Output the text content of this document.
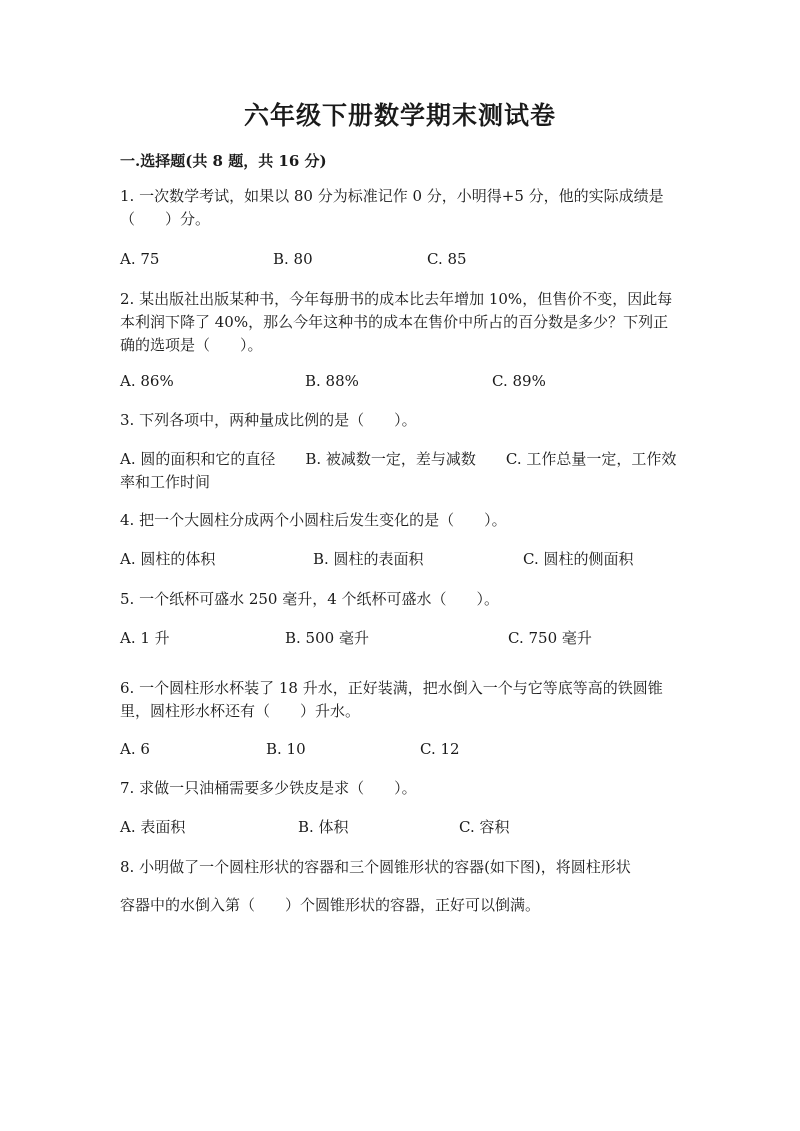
六年级下册数学期末测试卷
一.选择题(共 8 题，共 16 分)
1. 一次数学考试，如果以 80 分为标准记作 0 分，小明得+5 分，他的实际成绩是（　　）分。
A. 75	B. 80	C. 85
2. 某出版社出版某种书，今年每册书的成本比去年增加 10%，但售价不变，因此每本利润下降了 40%，那么今年这种书的成本在售价中所占的百分数是多少？下列正确的选项是（　　）。
A. 86%	B. 88%	C. 89%
3. 下列各项中，两种量成比例的是（　　）。
A. 圆的面积和它的直径　　B. 被减数一定，差与减数　　C. 工作总量一定，工作效率和工作时间
4. 把一个大圆柱分成两个小圆柱后发生变化的是（　　）。
A. 圆柱的体积	B. 圆柱的表面积	C. 圆柱的侧面积
5. 一个纸杯可盛水 250 毫升，4 个纸杯可盛水（　　）。
A. 1 升	B. 500 毫升	C. 750 毫升
6. 一个圆柱形水杯装了 18 升水，正好装满，把水倒入一个与它等底等高的铁圆锥里，圆柱形水杯还有（　　）升水。
A. 6	B. 10	C. 12
7. 求做一只油桶需要多少铁皮是求（　　）。
A. 表面积	B. 体积	C. 容积
8. 小明做了一个圆柱形状的容器和三个圆锥形状的容器(如下图)，将圆柱形状
容器中的水倒入第（　　）个圆锥形状的容器，正好可以倒满。
